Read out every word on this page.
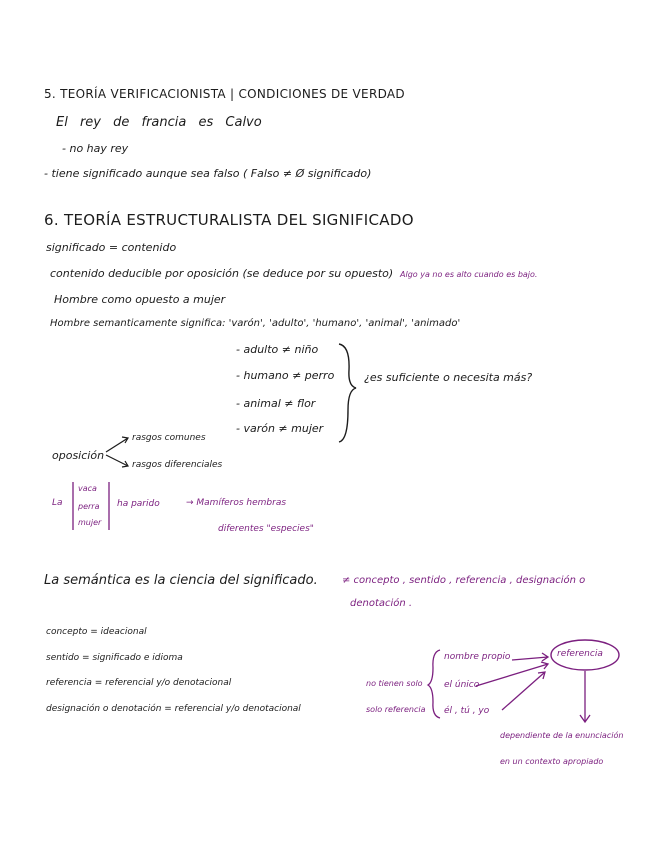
5. TEORÍA VERIFICACIONISTA | CONDICIONES DE VERDAD
El rey de francia es Calvo
- no hay rey
- tiene significado aunque sea falso ( Falso ≠ Ø significado)
6. TEORÍA ESTRUCTURALISTA DEL SIGNIFICADO
significado = contenido
contenido deducible por oposición (se deduce por su opuesto) Algo ya no es alto cuando es bajo.
Hombre como opuesto a mujer
Hombre semanticamente significa: 'varón', 'adulto', 'humano', 'animal', 'animado'
- adulto ≠ niño
- humano ≠ perro
- animal ≠ flor
- varón ≠ mujer
¿es suficiente o necesita más?
oposición
rasgos comunes
rasgos diferenciales
La
vaca
perra
mujer
ha parido	→ Mamíferos hembras
diferentes "especies"
La semántica es la ciencia del significado. ≠ concepto , sentido , referencia , designación o
denotación .
concepto = ideacional
sentido = significado e idioma
referencia = referencial y/o denotacional
designación o denotación = referencial y/o denotacional
no tienen solo
solo referencia
nombre propio
el único
él , tú , yo
referencia
dependiente de la enunciación
en un contexto apropiado
